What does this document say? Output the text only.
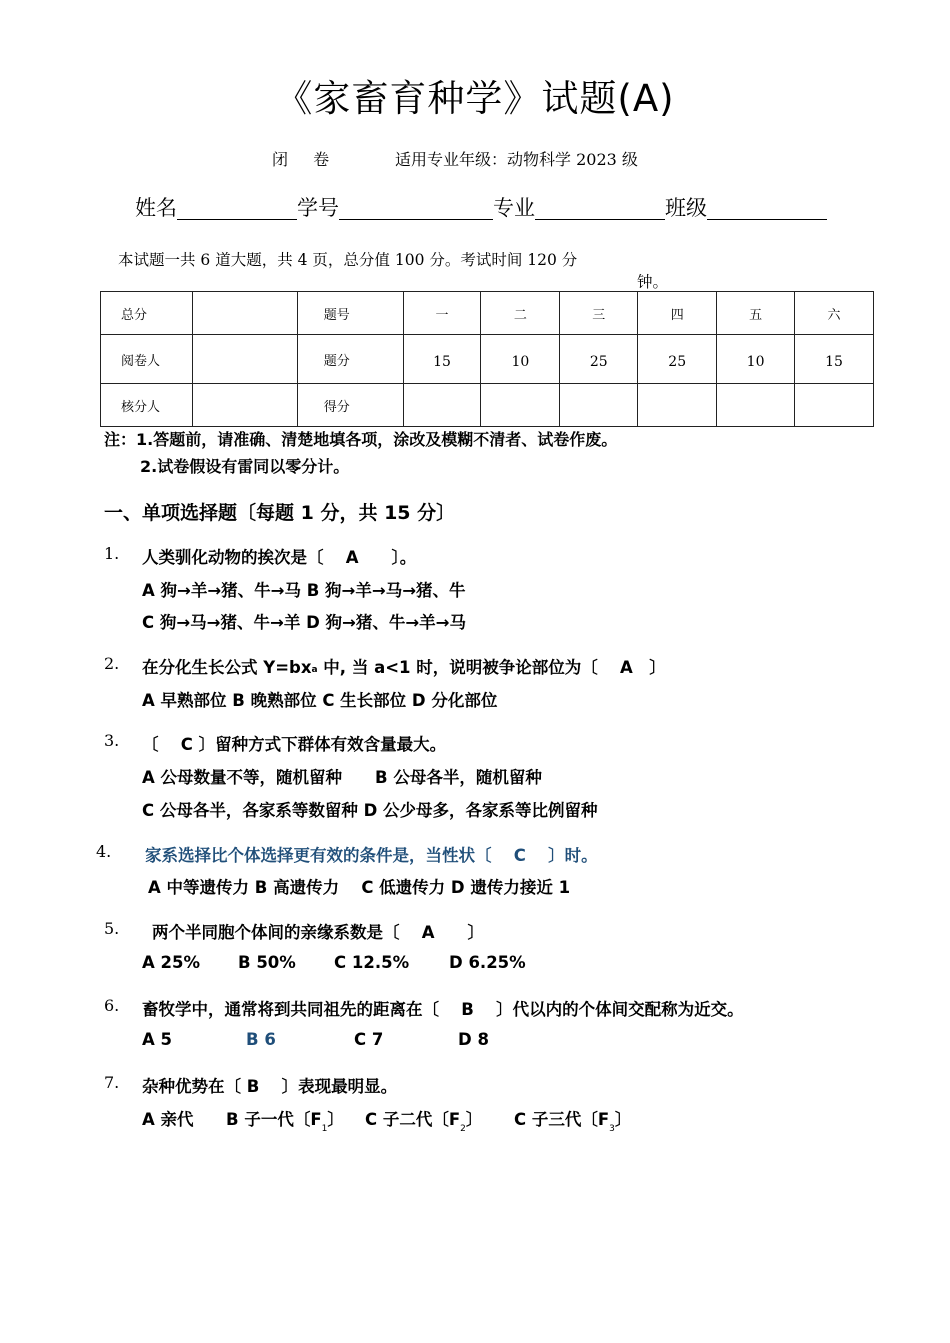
《家畜育种学》试题(A)
闭 卷	适用专业年级：动物科学 2023 级
姓名	学号	专业	班级
本试题一共 6 道大题，共 4 页，总分值 100 分。考试时间 120 分
钟。
总分		题号	一	二	三	四	五	六
阅卷人		题分	15	10	25	25	10	15
核分人		得分						
注：1.答题前，请准确、清楚地填各项，涂改及模糊不清者、试卷作废。
2.试卷假设有雷同以零分计。
一、单项选择题〔每题 1 分，共 15 分〕
1. 人类驯化动物的挨次是〔　 A　　〕。
A 狗→羊→猪、牛→马 B 狗→羊→马→猪、牛
C 狗→马→猪、牛→羊 D 狗→猪、牛→羊→马
2. 在分化生长公式 $Y=bx^a$ 中, 当 a<1 时，说明被争论部位为〔　 A　〕
A 早熟部位 B 晚熟部位 C 生长部位 D 分化部位
3. 〔　 C 〕留种方式下群体有效含量最大。
A 公母数量不等，随机留种　　B 公母各半，随机留种
C 公母各半，各家系等数留种 D 公少母多，各家系等比例留种
4. 家系选择比个体选择更有效的条件是，当性状〔　 C　 〕时。
A 中等遗传力 B 高遗传力　 C 低遗传力 D 遗传力接近 1
5. 两个半同胞个体间的亲缘系数是〔　 A　　〕
A 25% B 50% C 12.5% D 6.25%
6. 畜牧学中，通常将到共同祖先的距离在〔　 B　 〕代以内的个体间交配称为近交。
A 5	B 6	C 7	D 8
7. 杂种优势在〔 B　 〕表现最明显。
A 亲代 B 子一代〔$F_1$〕 C 子二代〔$F_2$〕 C 子三代〔$F_3$〕
